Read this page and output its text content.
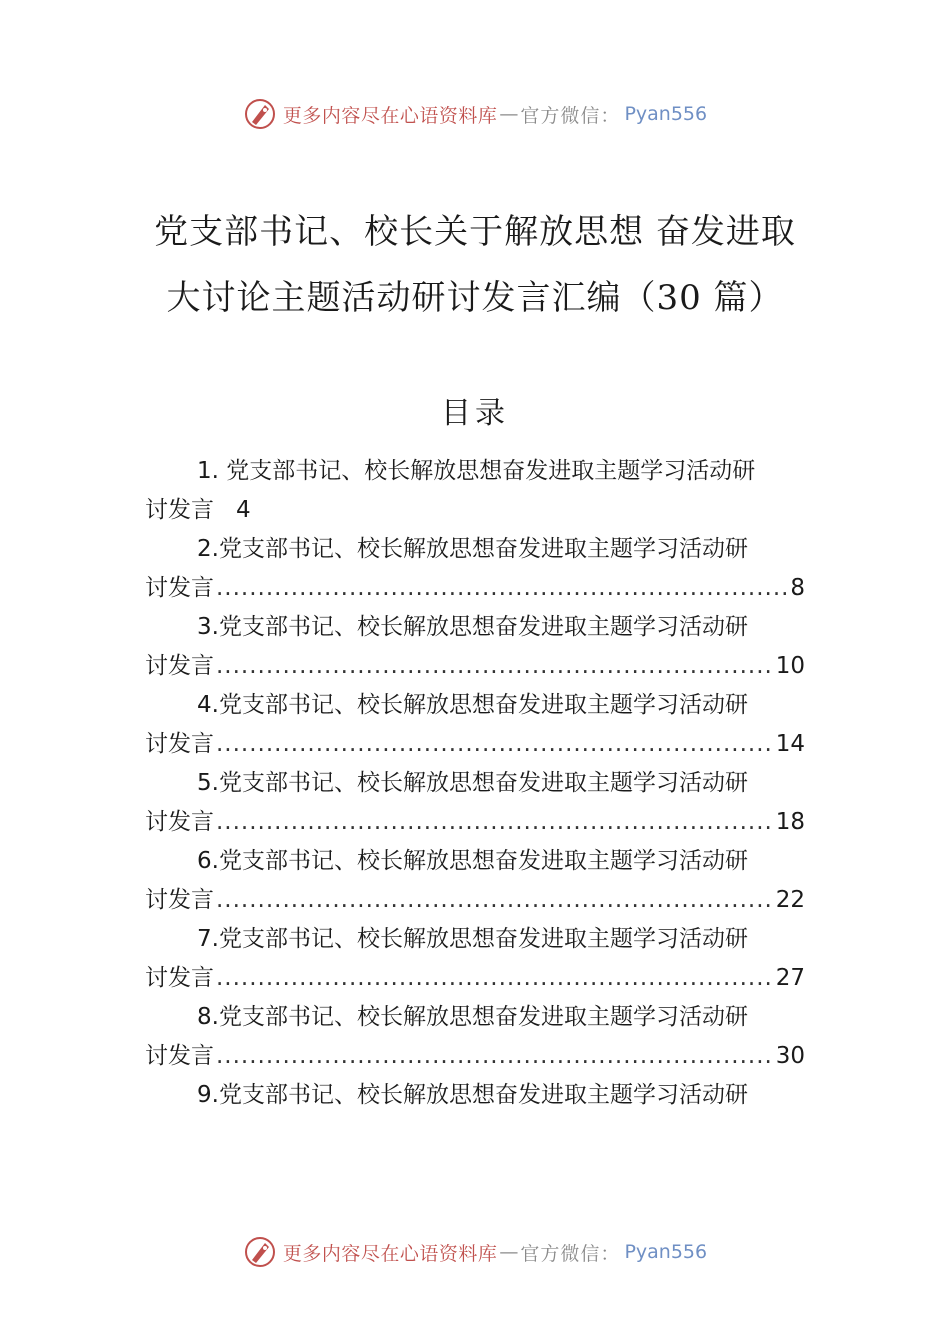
更多内容尽在心语资料库 — 官方微信： Pyan556
党支部书记、校长关于解放思想 奋发进取
大讨论主题活动研讨发言汇编（30 篇）
目录
1. 党支部书记、校长解放思想奋发进取主题学习活动研
讨发言 4
2.党支部书记、校长解放思想奋发进取主题学习活动研
讨发言 .....	8
3.党支部书记、校长解放思想奋发进取主题学习活动研
讨发言 .....	10
4.党支部书记、校长解放思想奋发进取主题学习活动研
讨发言 .....	14
5.党支部书记、校长解放思想奋发进取主题学习活动研
讨发言 .....	18
6.党支部书记、校长解放思想奋发进取主题学习活动研
讨发言 .....	22
7.党支部书记、校长解放思想奋发进取主题学习活动研
讨发言 .....	27
8.党支部书记、校长解放思想奋发进取主题学习活动研
讨发言 .....	30
9.党支部书记、校长解放思想奋发进取主题学习活动研
更多内容尽在心语资料库 — 官方微信： Pyan556
